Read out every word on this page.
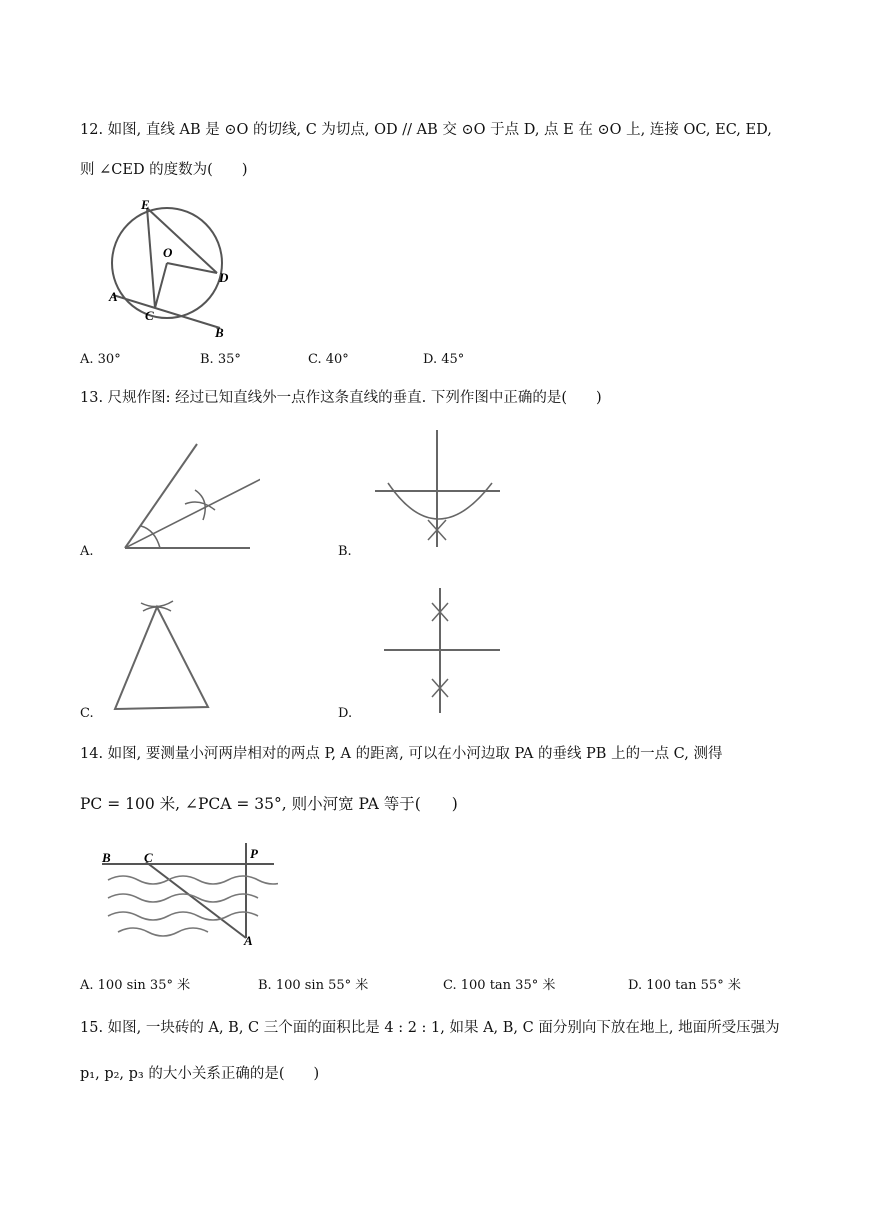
12. 如图, 直线 AB 是 ⊙O 的切线, C 为切点, OD // AB 交 ⊙O 于点 D, 点 E 在 ⊙O 上, 连接 OC, EC, ED,
则 ∠CED 的度数为(　　)
E
O
D
A
C
B
A. 30°	B. 35°	C. 40°	D. 45°
13. 尺规作图: 经过已知直线外一点作这条直线的垂直. 下列作图中正确的是(　　)
A.	B.
C.	D.
14. 如图, 要测量小河两岸相对的两点 P, A 的距离, 可以在小河边取 PA 的垂线 PB 上的一点 C, 测得
PC = 100 米, ∠PCA = 35°, 则小河宽 PA 等于(　　)
B	C	P
A
A. 100 sin 35° 米	B. 100 sin 55° 米	C. 100 tan 35° 米	D. 100 tan 55° 米
15. 如图, 一块砖的 A, B, C 三个面的面积比是 4 : 2 : 1, 如果 A, B, C 面分别向下放在地上, 地面所受压强为
p₁, p₂, p₃ 的大小关系正确的是(　　)
